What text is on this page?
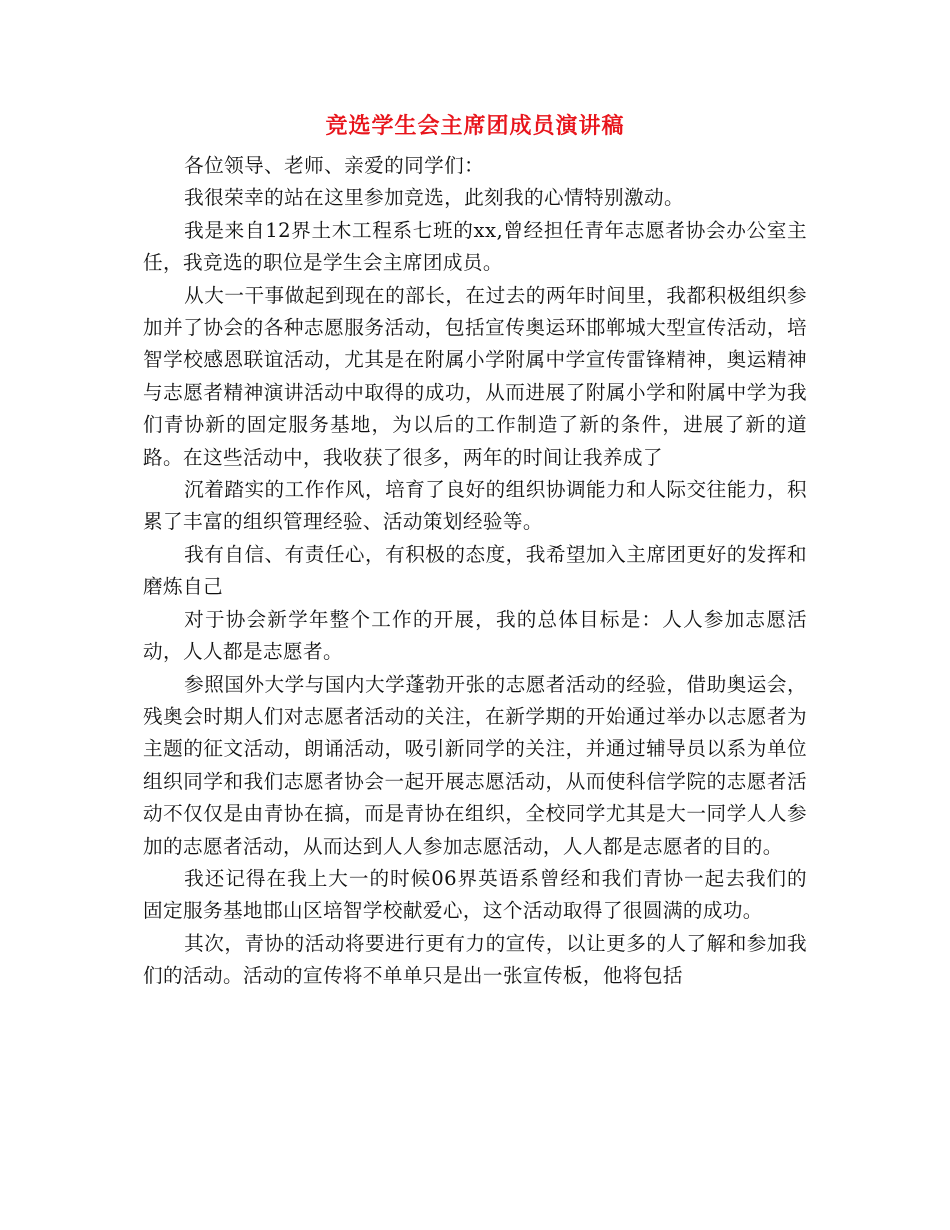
竞选学生会主席团成员演讲稿

各位领导、老师、亲爱的同学们：

我很荣幸的站在这里参加竞选，此刻我的心情特别激动。

我是来自12界土木工程系七班的xx,曾经担任青年志愿者协会办公室主任，我竞选的职位是学生会主席团成员。

从大一干事做起到现在的部长，在过去的两年时间里，我都积极组织参加并了协会的各种志愿服务活动，包括宣传奥运环邯郸城大型宣传活动，培智学校感恩联谊活动，尤其是在附属小学附属中学宣传雷锋精神，奥运精神与志愿者精神演讲活动中取得的成功，从而进展了附属小学和附属中学为我们青协新的固定服务基地，为以后的工作制造了新的条件，进展了新的道路。在这些活动中，我收获了很多，两年的时间让我养成了

沉着踏实的工作作风，培育了良好的组织协调能力和人际交往能力，积累了丰富的组织管理经验、活动策划经验等。

我有自信、有责任心，有积极的态度，我希望加入主席团更好的发挥和磨炼自己

对于协会新学年整个工作的开展，我的总体目标是：人人参加志愿活动，人人都是志愿者。

参照国外大学与国内大学蓬勃开张的志愿者活动的经验，借助奥运会，残奥会时期人们对志愿者活动的关注，在新学期的开始通过举办以志愿者为主题的征文活动，朗诵活动，吸引新同学的关注，并通过辅导员以系为单位组织同学和我们志愿者协会一起开展志愿活动，从而使科信学院的志愿者活动不仅仅是由青协在搞，而是青协在组织，全校同学尤其是大一同学人人参加的志愿者活动，从而达到人人参加志愿活动，人人都是志愿者的目的。

我还记得在我上大一的时候06界英语系曾经和我们青协一起去我们的固定服务基地邯山区培智学校献爱心，这个活动取得了很圆满的成功。

其次，青协的活动将要进行更有力的宣传，以让更多的人了解和参加我们的活动。活动的宣传将不单单只是出一张宣传板，他将包括
